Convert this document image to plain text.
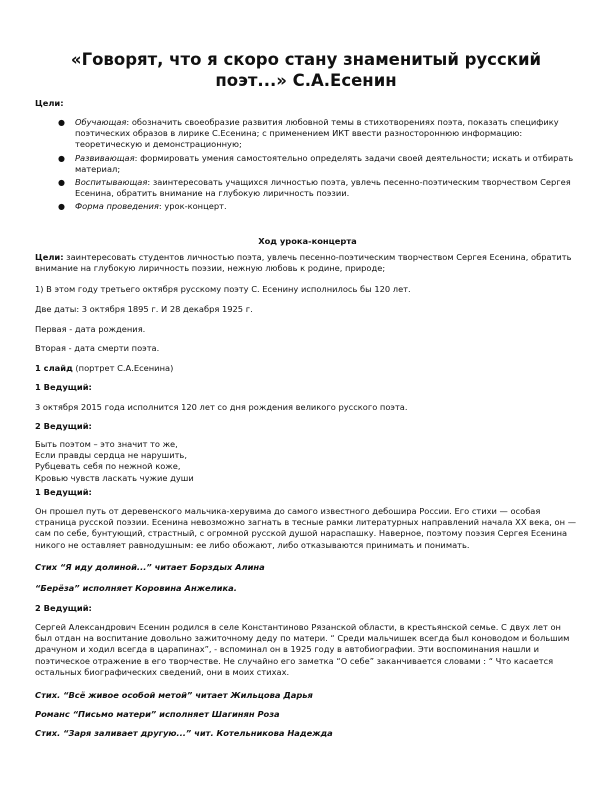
«Говорят, что я скоро стану знаменитый русский поэт...» С.А.Есенин

Цели:

● Обучающая: обозначить своеобразие развития любовной темы в стихотворениях поэта, показать специфику поэтических образов в лирике С.Есенина; с применением ИКТ ввести разностороннюю информацию: теоретическую и демонстрационную;
● Развивающая: формировать умения самостоятельно определять задачи своей деятельности; искать и отбирать материал;
● Воспитывающая: заинтересовать учащихся личностью поэта, увлечь песенно-поэтическим творчеством Сергея Есенина, обратить внимание на глубокую лиричность поэзии.
● Форма проведения: урок-концерт.

Ход урока-концерта

Цели: заинтересовать студентов личностью поэта, увлечь песенно-поэтическим творчеством Сергея Есенина, обратить внимание на глубокую лиричность поэзии, нежную любовь к родине, природе;

1) В этом году третьего октября русскому поэту С. Есенину исполнилось бы 120 лет.

Две даты: 3 октября 1895 г. И 28 декабря 1925 г.

Первая - дата рождения.

Вторая - дата смерти поэта.

1 слайд (портрет С.А.Есенина)

1 Ведущий:

3 октября 2015 года исполнится 120 лет со дня рождения великого русского поэта.

2 Ведущий:

Быть поэтом – это значит то же,
Если правды сердца не нарушить,
Рубцевать себя по нежной коже,
Кровью чувств ласкать чужие души

1 Ведущий:

Он прошел путь от деревенского мальчика-херувима до самого известного дебошира России. Его стихи — особая страница русской поэзии. Есенина невозможно загнать в тесные рамки литературных направлений начала XX века, он — сам по себе, бунтующий, страстный, с огромной русской душой нараспашку. Наверное, поэтому поэзия Сергея Есенина никого не оставляет равнодушным: ее либо обожают, либо отказываются принимать и понимать.

Стих “Я иду долиной...” читает Борздых Алина

“Берёза” исполняет Коровина Анжелика.

2 Ведущий:

Сергей Александрович Есенин родился в селе Константиново Рязанской области, в крестьянской семье. С двух лет он был отдан на воспитание довольно зажиточному деду по матери. “ Среди мальчишек всегда был коноводом и большим драчуном и ходил всегда в царапинах”, - вспоминал он в 1925 году в автобиографии. Эти воспоминания нашли и поэтическое отражение в его творчестве. Не случайно его заметка “О себе” заканчивается словами : “ Что касается остальных биографических сведений, они в моих стихах.

Стих. “Всё живое особой метой” читает Жильцова Дарья

Романс “Письмо матери” исполняет Шагинян Роза

Стих. “Заря заливает другую...” чит. Котельникова Надежда
